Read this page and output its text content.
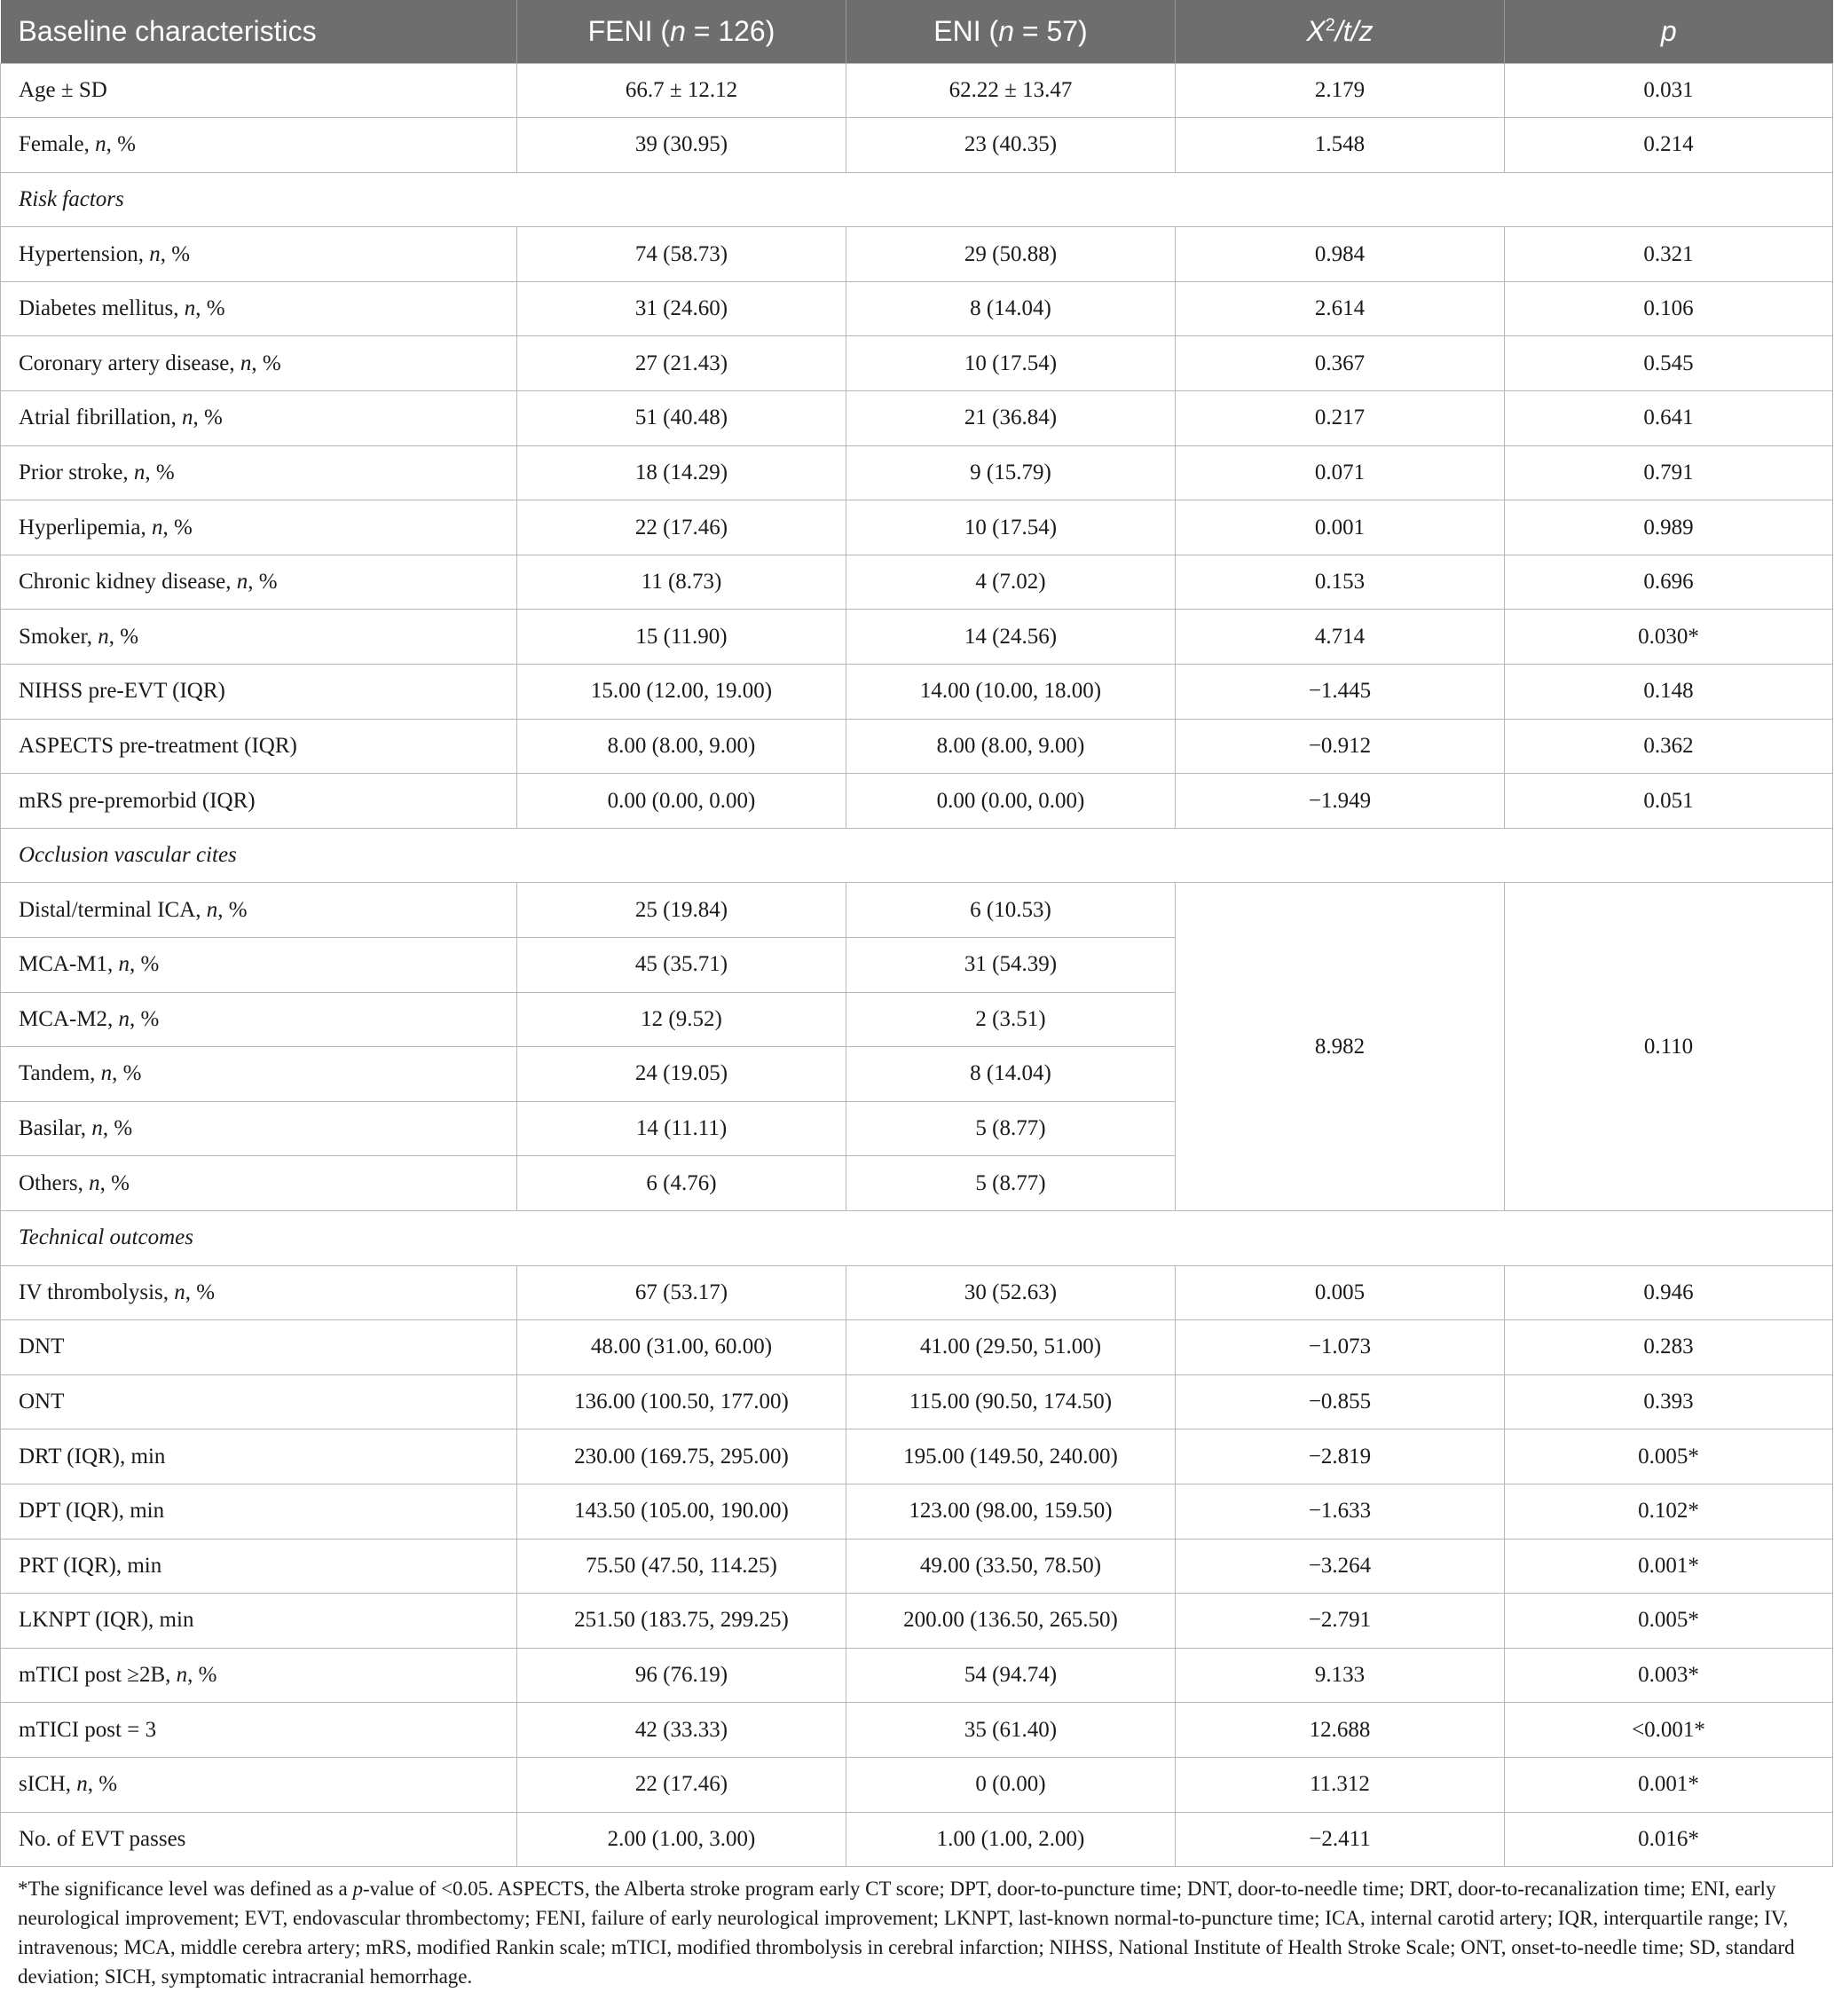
Baseline characteristics	FENI (n = 126)	ENI (n = 57)	$X^2/t/z$	p
Age ± SD	66.7 ± 12.12	62.22 ± 13.47	2.179	0.031
Female, n, %	39 (30.95)	23 (40.35)	1.548	0.214
Risk factors				
Hypertension, n, %	74 (58.73)	29 (50.88)	0.984	0.321
Diabetes mellitus, n, %	31 (24.60)	8 (14.04)	2.614	0.106
Coronary artery disease, n, %	27 (21.43)	10 (17.54)	0.367	0.545
Atrial fibrillation, n, %	51 (40.48)	21 (36.84)	0.217	0.641
Prior stroke, n, %	18 (14.29)	9 (15.79)	0.071	0.791
Hyperlipemia, n, %	22 (17.46)	10 (17.54)	0.001	0.989
Chronic kidney disease, n, %	11 (8.73)	4 (7.02)	0.153	0.696
Smoker, n, %	15 (11.90)	14 (24.56)	4.714	0.030*
NIHSS pre-EVT (IQR)	15.00 (12.00, 19.00)	14.00 (10.00, 18.00)	−1.445	0.148
ASPECTS pre-treatment (IQR)	8.00 (8.00, 9.00)	8.00 (8.00, 9.00)	−0.912	0.362
mRS pre-premorbid (IQR)	0.00 (0.00, 0.00)	0.00 (0.00, 0.00)	−1.949	0.051
Occlusion vascular cites				
Distal/terminal ICA, n, %	25 (19.84)	6 (10.53)	8.982	0.110
MCA-M1, n, %	45 (35.71)	31 (54.39)		
MCA-M2, n, %	12 (9.52)	2 (3.51)		
Tandem, n, %	24 (19.05)	8 (14.04)		
Basilar, n, %	14 (11.11)	5 (8.77)		
Others, n, %	6 (4.76)	5 (8.77)		
Technical outcomes				
IV thrombolysis, n, %	67 (53.17)	30 (52.63)	0.005	0.946
DNT	48.00 (31.00, 60.00)	41.00 (29.50, 51.00)	−1.073	0.283
ONT	136.00 (100.50, 177.00)	115.00 (90.50, 174.50)	−0.855	0.393
DRT (IQR), min	230.00 (169.75, 295.00)	195.00 (149.50, 240.00)	−2.819	0.005*
DPT (IQR), min	143.50 (105.00, 190.00)	123.00 (98.00, 159.50)	−1.633	0.102*
PRT (IQR), min	75.50 (47.50, 114.25)	49.00 (33.50, 78.50)	−3.264	0.001*
LKNPT (IQR), min	251.50 (183.75, 299.25)	200.00 (136.50, 265.50)	−2.791	0.005*
mTICI post ≥2B, n, %	96 (76.19)	54 (94.74)	9.133	0.003*
mTICI post = 3	42 (33.33)	35 (61.40)	12.688	<0.001*
sICH, n, %	22 (17.46)	0 (0.00)	11.312	0.001*
No. of EVT passes	2.00 (1.00, 3.00)	1.00 (1.00, 2.00)	−2.411	0.016*
*The significance level was defined as a p-value of <0.05. ASPECTS, the Alberta stroke program early CT score; DPT, door-to-puncture time; DNT, door-to-needle time; DRT, door-to-recanalization time; ENI, early neurological improvement; EVT, endovascular thrombectomy; FENI, failure of early neurological improvement; LKNPT, last-known normal-to-puncture time; ICA, internal carotid artery; IQR, interquartile range; IV, intravenous; MCA, middle cerebra artery; mRS, modified Rankin scale; mTICI, modified thrombolysis in cerebral infarction; NIHSS, National Institute of Health Stroke Scale; ONT, onset-to-needle time; SD, standard deviation; SICH, symptomatic intracranial hemorrhage.
